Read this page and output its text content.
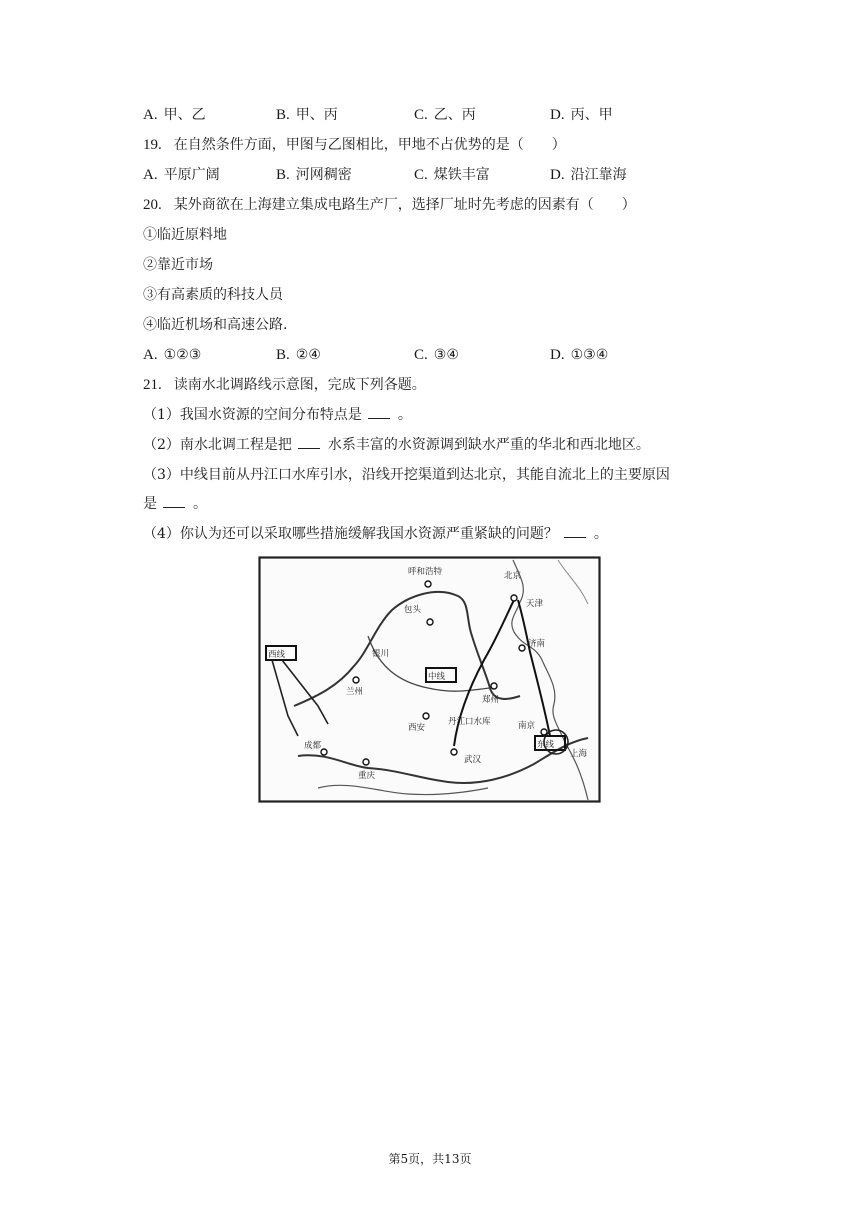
A. 甲、乙	B. 甲、丙	C. 乙、丙	D. 丙、甲
19. 在自然条件方面，甲图与乙图相比，甲地不占优势的是（　　）
A. 平原广阔	B. 河网稠密	C. 煤铁丰富	D. 沿江靠海
20. 某外商欲在上海建立集成电路生产厂，选择厂址时先考虑的因素有（　　）
①临近原料地
②靠近市场
③有高素质的科技人员
④临近机场和高速公路.
A. ①②③	B. ②④	C. ③④	D. ①③④
21. 读南水北调路线示意图，完成下列各题。
（1）我国水资源的空间分布特点是	。
（2）南水北调工程是把	水系丰富的水资源调到缺水严重的华北和西北地区。
（3）中线目前从丹江口水库引水，沿线开挖渠道到达北京，其能自流北上的主要原因
是	。
（4）你认为还可以采取哪些措施缓解我国水资源严重紧缺的问题？	。
西线
中线
东线
北京
呼和浩特
包头
银川
兰州
郑州
西安
丹江口水库
武汉
重庆
成都
南京
上海
济南
天津
第5页，共13页
